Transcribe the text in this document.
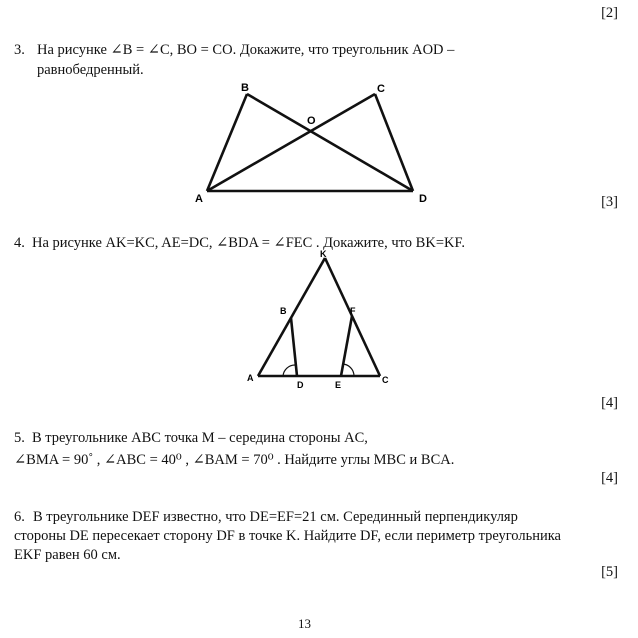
[2]
3. На рисунке ∠B = ∠C, BO = CO. Докажите, что треугольник AOD –
равнобедренный.
B	C
O
A	D	[3]
4. На рисунке AK=KC, AE=DC, ∠BDA = ∠FEC . Докажите, что BK=KF.
K
B	F
A
D	E	C
[4]
5. В треугольнике ABC точка M – середина стороны AC,
∠BMA = 90˚ , ∠ABC = 40⁰ , ∠BAM = 70⁰ . Найдите углы MBC и BCA.
[4]
6. В треугольнике DEF известно, что DE=EF=21 см. Серединный перпендикуляр
стороны DE пересекает сторону DF в точке K. Найдите DF, если периметр треугольника
EKF равен 60 см.
[5]
13
